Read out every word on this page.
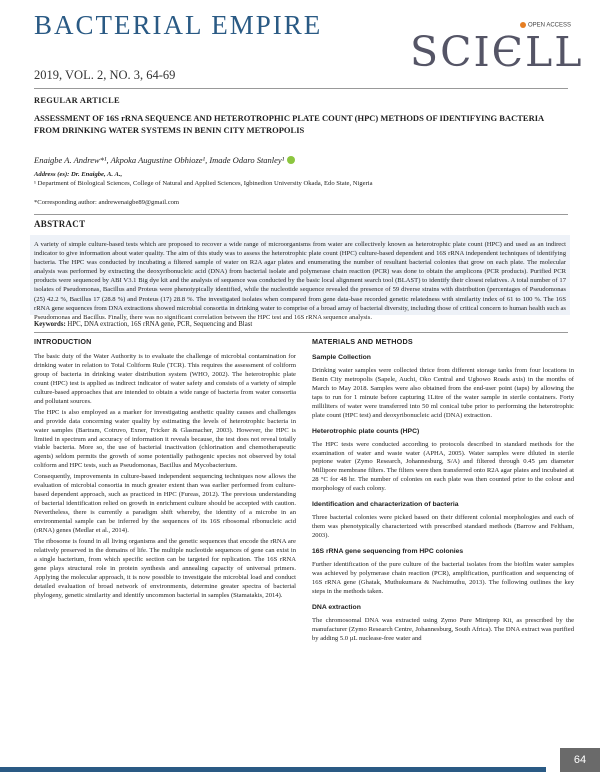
BACTERIAL EMPIRE
2019, VOL. 2, NO. 3, 64-69
OPEN ACCESS
SCIЄLL
REGULAR ARTICLE
ASSESSMENT OF 16S rRNA SEQUENCE AND HETEROTROPHIC PLATE COUNT (HPC) METHODS OF IDENTIFYING BACTERIA FROM DRINKING WATER SYSTEMS IN BENIN CITY METROPOLIS
Enaigbe A. Andrew*¹, Akpoka Augustine Obhioze¹, Imade Odaro Stanley¹
Address (es): Dr. Enaigbe, A. A.,
¹ Department of Biological Sciences, College of Natural and Applied Sciences, Igbinedion University Okada, Edo State, Nigeria
*Corresponding author: andrewenaigbe89@gmail.com
ABSTRACT
A variety of simple culture-based tests which are proposed to recover a wide range of microorganisms from water are collectively known as heterotrophic plate count (HPC) and used as an indirect indicator to give information about water quality. The aim of this study was to assess the heterotrophic plate count (HPC) culture-based dependent and 16S rRNA independent techniques of identifying bacteria. The HPC was conducted by incubating a filtered sample of water on R2A agar plates and enumerating the number of resultant bacterial colonies that grow on each plate. The molecular analysis was performed by extracting the deoxyribonucleic acid (DNA) from bacterial isolate and polymerase chain reaction (PCR) was done to obtain the amplicons (PCR products). Purified PCR products were sequenced by ABI V3.1 Big dye kit and the analysis of sequence was conducted by the basic local alignment search tool (BLAST) to identify their closest relatives. A total number of 17 isolates of Pseudomonas, Bacillus and Proteus were phenotypically identified, while the nucleotide sequence revealed the presence of 59 diverse strains with distribution (percentages of Pseudomonas (25) 42.2 %, Bacillus 17 (28.8 %) and Proteus (17) 28.8 %. The investigated isolates when compared from gene data-base recorded genetic relatedness with similarity index of 61 to 100 %. The 16S rRNA gene sequences from DNA extractions showed microbial consortia in drinking water to comprise of a broad array of bacterial diversity, including those of critical concern to human health such as Pseudomonas and Bacillus. Finally, there was no significant correlation between the HPC test and 16S rRNA sequence analysis.
Keywords: HPC, DNA extraction, 16S rRNA gene, PCR, Sequencing and Blast
INTRODUCTION

The basic duty of the Water Authority is to evaluate the challenge of microbial contamination for drinking water in relation to Total Coliform Rule (TCR). This requires the assessment of coliform group of bacteria in drinking water distribution system (WHO, 2002). The heterotrophic plate count (HPC) test is applied as indirect indicator of water safety and consists of a variety of simple culture-based approaches that are intended to obtain a wide range of bacteria from water consortia and pollutant sources.

The HPC is also employed as a marker for investigating aesthetic quality causes and challenges and provide data concerning water quality by estimating the levels of heterotrophic bacteria in water samples (Bartram, Cotruvo, Exner, Fricker & Glasmacher, 2003). However, the HPC is limited in spectrum and accuracy of information it reveals because, the test does not reveal totally viable bacteria. More so, the use of bacterial inactivation (chlorination and chemotherapeutic agents) seldom permits the growth of some potentially pathogenic species not observed by total coliform and HPC tests, such as Pseudomonas, Bacillus and Mycobacterium.

Consequently, improvements in culture-based independent sequencing techniques now allows the evaluation of microbial consortia in much greater extent than was earlier performed from culture-based dependent approach, such as practiced in HPC (Fureas, 2012). The previous understanding of bacterial identification relied on growth in enrichment culture should be accepted with caution. Nevertheless, there is currently a paradigm shift whereby, the identity of a microbe in an environmental sample can be inferred by the sequences of its 16S ribosomal ribonucleic acid (rRNA) genes (Medlar et al., 2014).

The ribosome is found in all living organisms and the genetic sequences that encode the rRNA are relatively preserved in the domains of life. The multiple nucleotide sequences of gene can exist in a single bacterium, from which specific section can be targeted for replication. The 16S rRNA gene plays structural role in protein synthesis and annealing capacity of universal primers. Applying the molecular approach, it is now possible to investigate the microbial load and conduct detailed evaluation of broad network of environments, determine greater spectra of bacterial phylogeny, genetic similarity and identify uncommon bacterial in samples (Stamatakis, 2014).

MATERIALS AND METHODS
Sample Collection

Drinking water samples were collected thrice from different storage tanks from four locations in Benin City metropolis (Sapele, Auchi, Oko Central and Ugbowo Roads axis) in the months of March to May 2018. Samples were also obtained from the end-user point (taps) by allowing the taps to run for 1 minute before capturing 1Litre of the water sample in sterile containers. Forty milliliters of water were transferred into 50 ml conical tube prior to performing the heterotrophic plate count (HPC test) and deoxyribonucleic acid (DNA) extraction.

Heterotrophic plate counts (HPC)

The HPC tests were conducted according to protocols described in standard methods for the examination of water and waste water (APHA, 2005). Water samples were diluted in sterile peptone water (Zymo Research, Johannesburg, S/A) and filtered through 0.45 µm diameter Millipore membrane filters. The filters were then transferred onto R2A agar plates and incubated at 28 °C for 48 hr. The number of colonies on each plate was then counted prior to the colour and morphology of each colony.

Identification and characterization of bacteria

Three bacterial colonies were picked based on their different colonial morphologies and each of them was phenotypically characterized with prescribed standard methods (Barrow and Feltham, 2003).

16S rRNA gene sequencing from HPC colonies

Further identification of the pure culture of the bacterial isolates from the biofilm water samples was achieved by polymerase chain reaction (PCR), amplification, purification and sequencing of 16S rRNA gene (Ghatak, Muthukumara & Nachimuthu, 2013). The following outlines the key steps in the methods taken.

DNA extraction

The chromosomal DNA was extracted using Zymo Pure Miniprep Kit, as prescribed by the manufacturer (Zymo Research Centre, Johannesburg, South Africa). The DNA extract was purified by adding 5.0 µL nuclease-free water and

64
